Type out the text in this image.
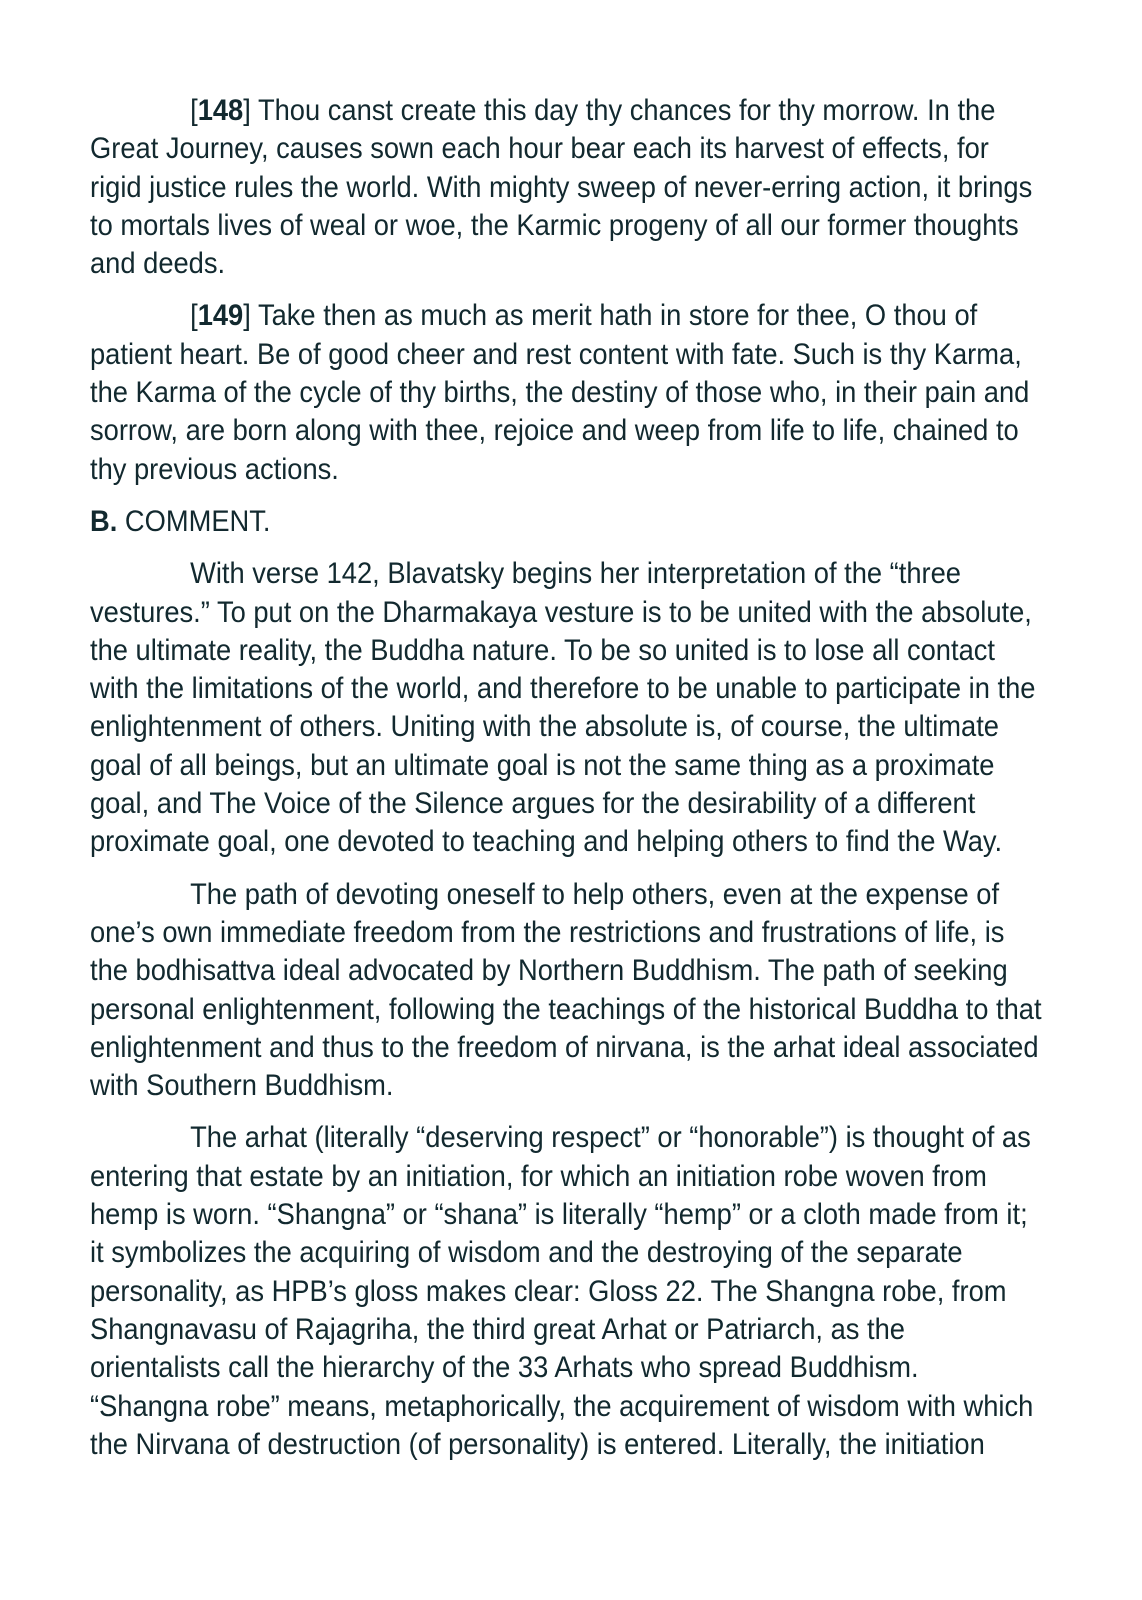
[148] Thou canst create this day thy chances for thy morrow. In the Great Journey, causes sown each hour bear each its harvest of effects, for rigid justice rules the world. With mighty sweep of never-erring action, it brings to mortals lives of weal or woe, the Karmic progeny of all our former thoughts and deeds.

[149] Take then as much as merit hath in store for thee, O thou of patient heart. Be of good cheer and rest content with fate. Such is thy Karma, the Karma of the cycle of thy births, the destiny of those who, in their pain and sorrow, are born along with thee, rejoice and weep from life to life, chained to thy previous actions.

B. COMMENT.

With verse 142, Blavatsky begins her interpretation of the “three vestures.” To put on the Dharmakaya vesture is to be united with the absolute, the ultimate reality, the Buddha nature. To be so united is to lose all contact with the limitations of the world, and therefore to be unable to participate in the enlightenment of others. Uniting with the absolute is, of course, the ultimate goal of all beings, but an ultimate goal is not the same thing as a proximate goal, and The Voice of the Silence argues for the desirability of a different proximate goal, one devoted to teaching and helping others to find the Way.

The path of devoting oneself to help others, even at the expense of one’s own immediate freedom from the restrictions and frustrations of life, is the bodhisattva ideal advocated by Northern Buddhism. The path of seeking personal enlightenment, following the teachings of the historical Buddha to that enlightenment and thus to the freedom of nirvana, is the arhat ideal associated with Southern Buddhism.

The arhat (literally “deserving respect” or “honorable”) is thought of as entering that estate by an initiation, for which an initiation robe woven from hemp is worn. “Shangna” or “shana” is literally “hemp” or a cloth made from it; it symbolizes the acquiring of wisdom and the destroying of the separate personality, as HPB’s gloss makes clear: Gloss 22. The Shangna robe, from Shangnavasu of Rajagriha, the third great Arhat or Patriarch, as the orientalists call the hierarchy of the 33 Arhats who spread Buddhism. “Shangna robe” means, metaphorically, the acquirement of wisdom with which the Nirvana of destruction (of personality) is entered. Literally, the initiation
